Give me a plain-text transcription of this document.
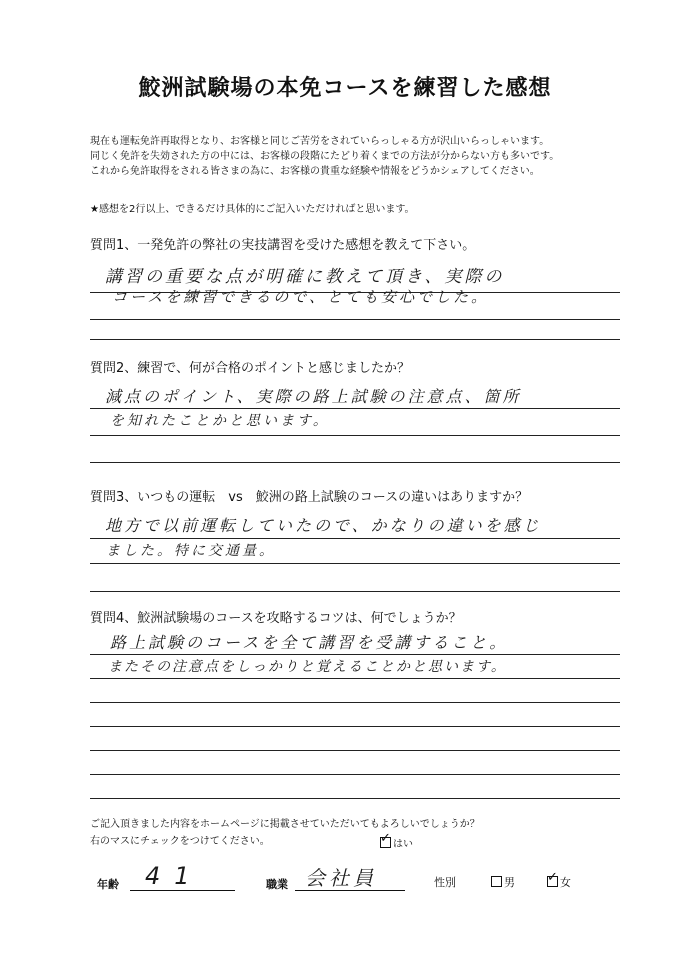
鮫洲試験場の本免コースを練習した感想
現在も運転免許再取得となり、お客様と同じご苦労をされていらっしゃる方が沢山いらっしゃいます。
同じく免許を失効された方の中には、お客様の段階にたどり着くまでの方法が分からない方も多いです。
これから免許取得をされる皆さまの為に、お客様の貴重な経験や情報をどうかシェアしてください。
★感想を2行以上、できるだけ具体的にご記入いただければと思います。
質問1、一発免許の弊社の実技講習を受けた感想を教えて下さい。
講習の重要な点が明確に教えて頂き、実際の
コースを練習できるので、とても安心でした。
質問2、練習で、何が合格のポイントと感じましたか？
減点のポイント、実際の路上試験の注意点、箇所
を知れたことかと思います。
質問3、いつもの運転　vs　鮫洲の路上試験のコースの違いはありますか？
地方で以前運転していたので、かなりの違いを感じ
ました。特に交通量。
質問4、鮫洲試験場のコースを攻略するコツは、何でしょうか？
路上試験のコースを全て講習を受講すること。
またその注意点をしっかりと覚えることかと思います。
ご記入頂きました内容をホームページに掲載させていただいてもよろしいでしょうか？
右のマスにチェックをつけてください。	✓ はい
年齢 41	職業 会社員	性別	男 ✓ 女
